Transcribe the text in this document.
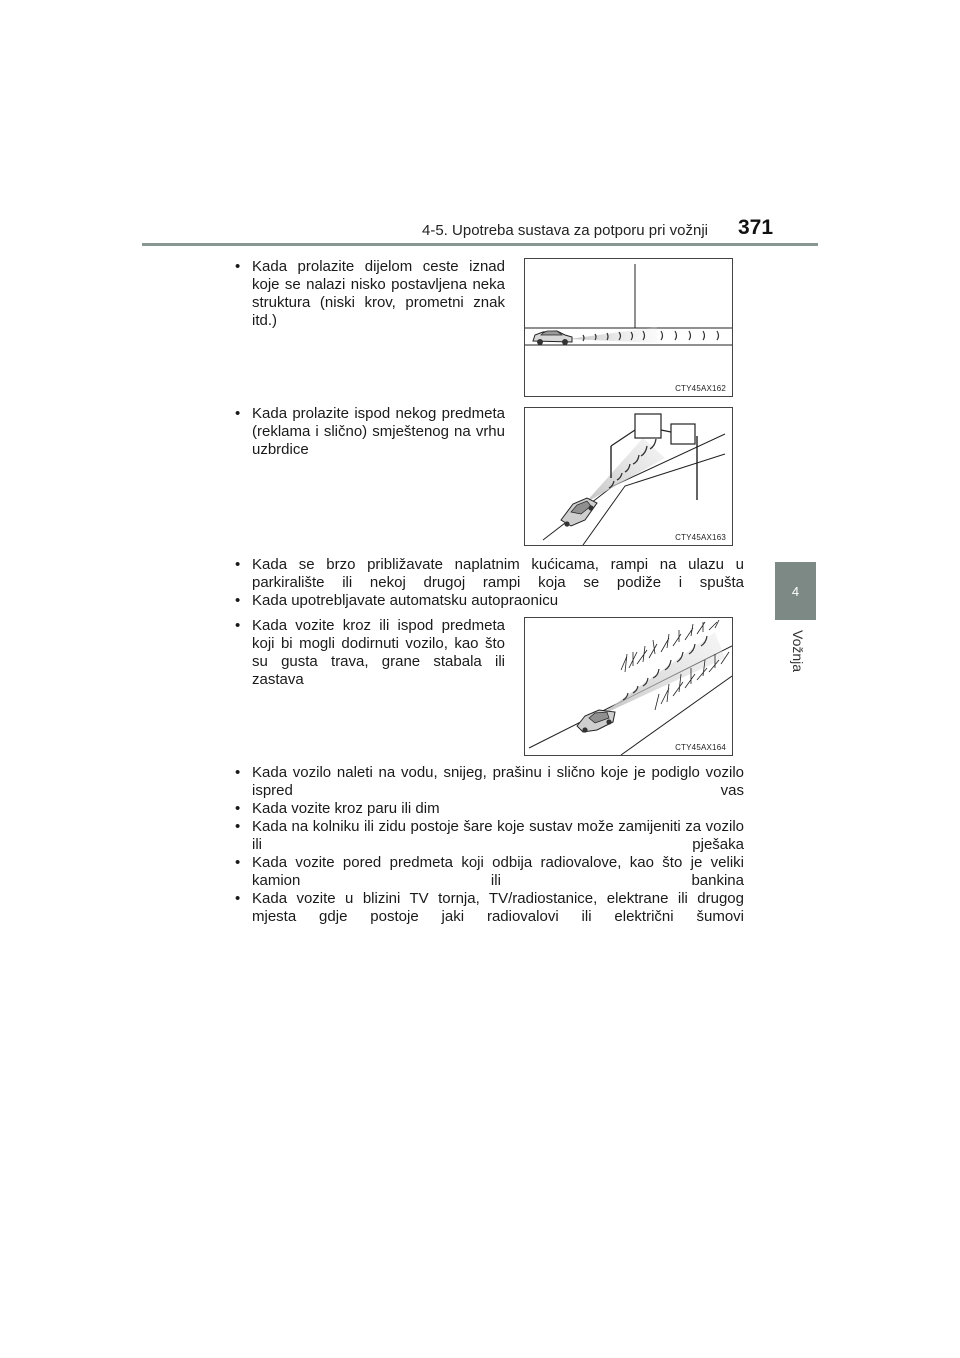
4-5. Upotreba sustava za potporu pri vožnji 371
4
Vožnja
• Kada prolazite dijelom ceste iznad koje se nalazi nisko postavljena neka struktura (niski krov, prometni znak itd.)
CTY45AX162
• Kada prolazite ispod nekog predmeta (reklama i slično) smještenog na vrhu uzbrdice
CTY45AX163
• Kada se brzo približavate naplatnim kućicama, rampi na ulazu u parkiralište ili nekoj drugoj rampi koja se podiže i spušta
• Kada upotrebljavate automatsku autopraonicu
• Kada vozite kroz ili ispod predmeta koji bi mogli dodirnuti vozilo, kao što su gusta trava, grane stabala ili zastava
CTY45AX164
• Kada vozilo naleti na vodu, snijeg, prašinu i slično koje je podiglo vozilo ispred vas
• Kada vozite kroz paru ili dim
• Kada na kolniku ili zidu postoje šare koje sustav može zamijeniti za vozilo ili pješaka
• Kada vozite pored predmeta koji odbija radiovalove, kao što je veliki kamion ili bankina
• Kada vozite u blizini TV tornja, TV/radiostanice, elektrane ili drugog mjesta gdje postoje jaki radiovalovi ili električni šumovi
